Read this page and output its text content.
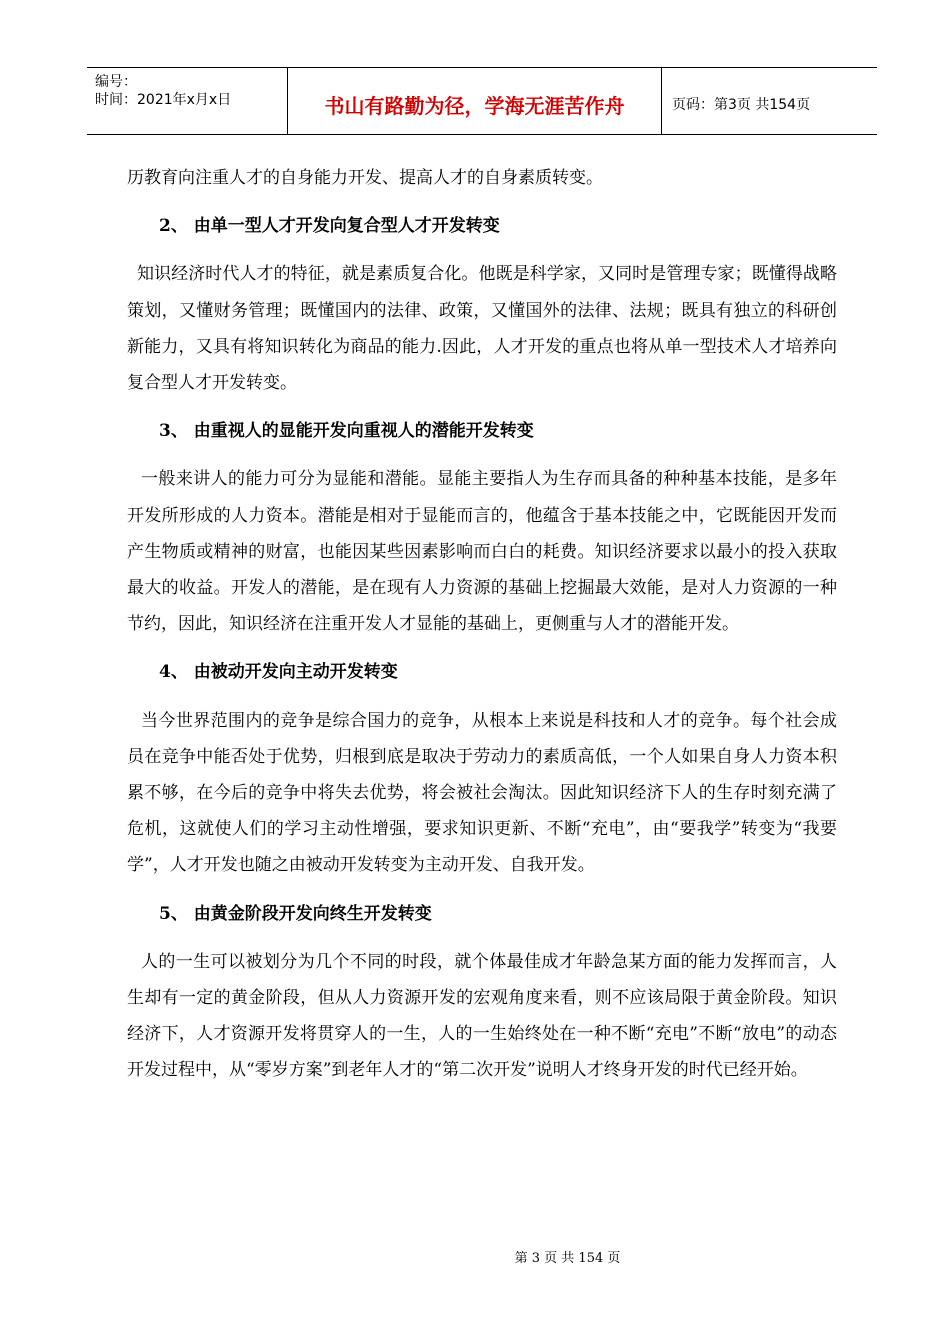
编号：
时间：2021年x月x日	书山有路勤为径，学海无涯苦作舟	页码：第3页 共154页

历教育向注重人才的自身能力开发、提高人才的自身素质转变。

2、 由单一型人才开发向复合型人才开发转变

知识经济时代人才的特征，就是素质复合化。他既是科学家，又同时是管理专家；既懂得战略策划，又懂财务管理；既懂国内的法律、政策，又懂国外的法律、法规；既具有独立的科研创新能力，又具有将知识转化为商品的能力.因此，人才开发的重点也将从单一型技术人才培养向复合型人才开发转变。

3、 由重视人的显能开发向重视人的潜能开发转变

一般来讲人的能力可分为显能和潜能。显能主要指人为生存而具备的种种基本技能，是多年开发所形成的人力资本。潜能是相对于显能而言的，他蕴含于基本技能之中，它既能因开发而产生物质或精神的财富，也能因某些因素影响而白白的耗费。知识经济要求以最小的投入获取最大的收益。开发人的潜能，是在现有人力资源的基础上挖掘最大效能，是对人力资源的一种节约，因此，知识经济在注重开发人才显能的基础上，更侧重与人才的潜能开发。

4、 由被动开发向主动开发转变

当今世界范围内的竞争是综合国力的竞争，从根本上来说是科技和人才的竞争。每个社会成员在竞争中能否处于优势，归根到底是取决于劳动力的素质高低，一个人如果自身人力资本积累不够，在今后的竞争中将失去优势，将会被社会淘汰。因此知识经济下人的生存时刻充满了危机，这就使人们的学习主动性增强，要求知识更新、不断“充电”，由“要我学”转变为“我要学”，人才开发也随之由被动开发转变为主动开发、自我开发。

5、 由黄金阶段开发向终生开发转变

人的一生可以被划分为几个不同的时段，就个体最佳成才年龄急某方面的能力发挥而言，人生却有一定的黄金阶段，但从人力资源开发的宏观角度来看，则不应该局限于黄金阶段。知识经济下，人才资源开发将贯穿人的一生，人的一生始终处在一种不断“充电”不断“放电”的动态开发过程中，从“零岁方案”到老年人才的“第二次开发”说明人才终身开发的时代已经开始。

第 3 页 共 154 页
